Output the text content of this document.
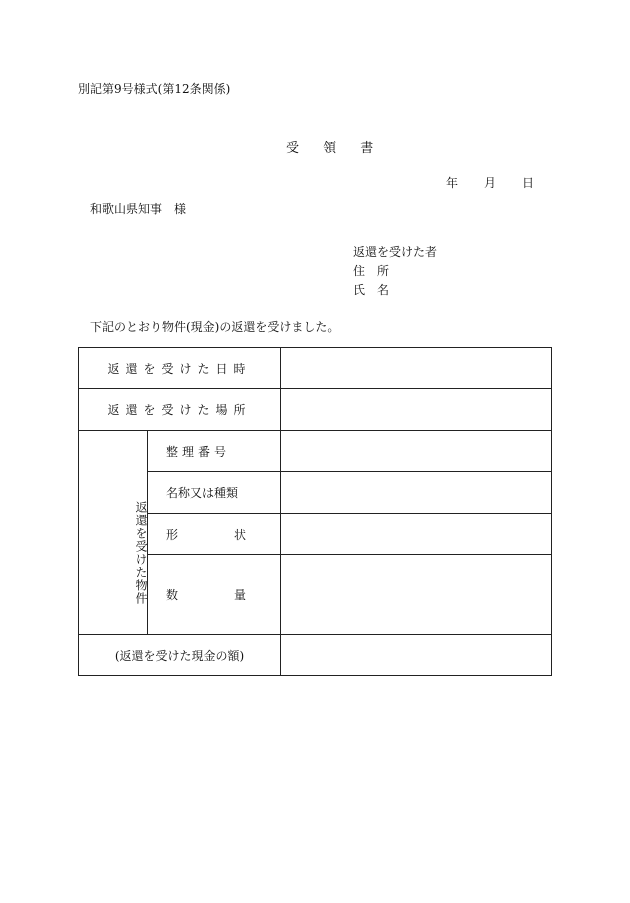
別記第9号様式(第12条関係)
受 領 書
年 月 日
和歌山県知事　様
返還を受けた者
住　所
氏　名
下記のとおり物件(現金)の返還を受けました。
返還を受けた日時		
返還を受けた場所		
返還を受けた物件	整理番号	
	名称又は種類	
	形 状	
	数 量	
(返還を受けた現金の額)		
